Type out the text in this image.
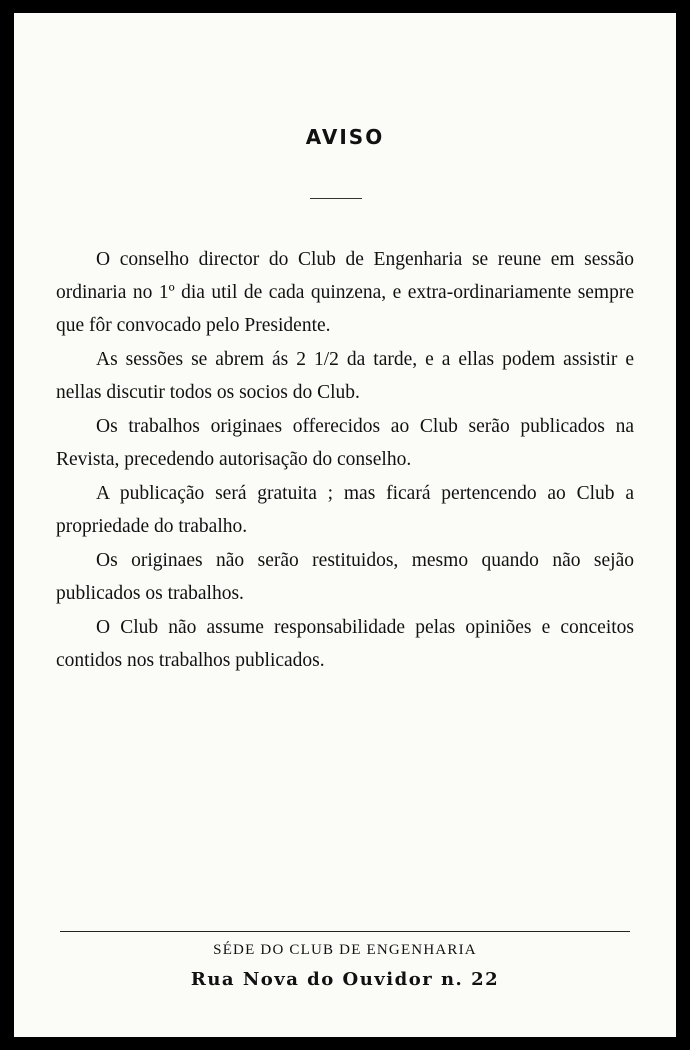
AVISO

O conselho director do Club de Engenharia se reune em sessão ordinaria no 1º dia util de cada quinzena, e extra-ordinariamente sempre que fôr convocado pelo Presidente.

As sessões se abrem ás 2 1/2 da tarde, e a ellas podem assistir e nellas discutir todos os socios do Club.

Os trabalhos originaes offerecidos ao Club serão publicados na Revista, precedendo autorisação do conselho.

A publicação será gratuita ; mas ficará pertencendo ao Club a propriedade do trabalho.

Os originaes não serão restituidos, mesmo quando não sejão publicados os trabalhos.

O Club não assume responsabilidade pelas opiniões e conceitos contidos nos trabalhos publicados.

SÉDE DO CLUB DE ENGENHARIA
Rua Nova do Ouvidor n. 22
